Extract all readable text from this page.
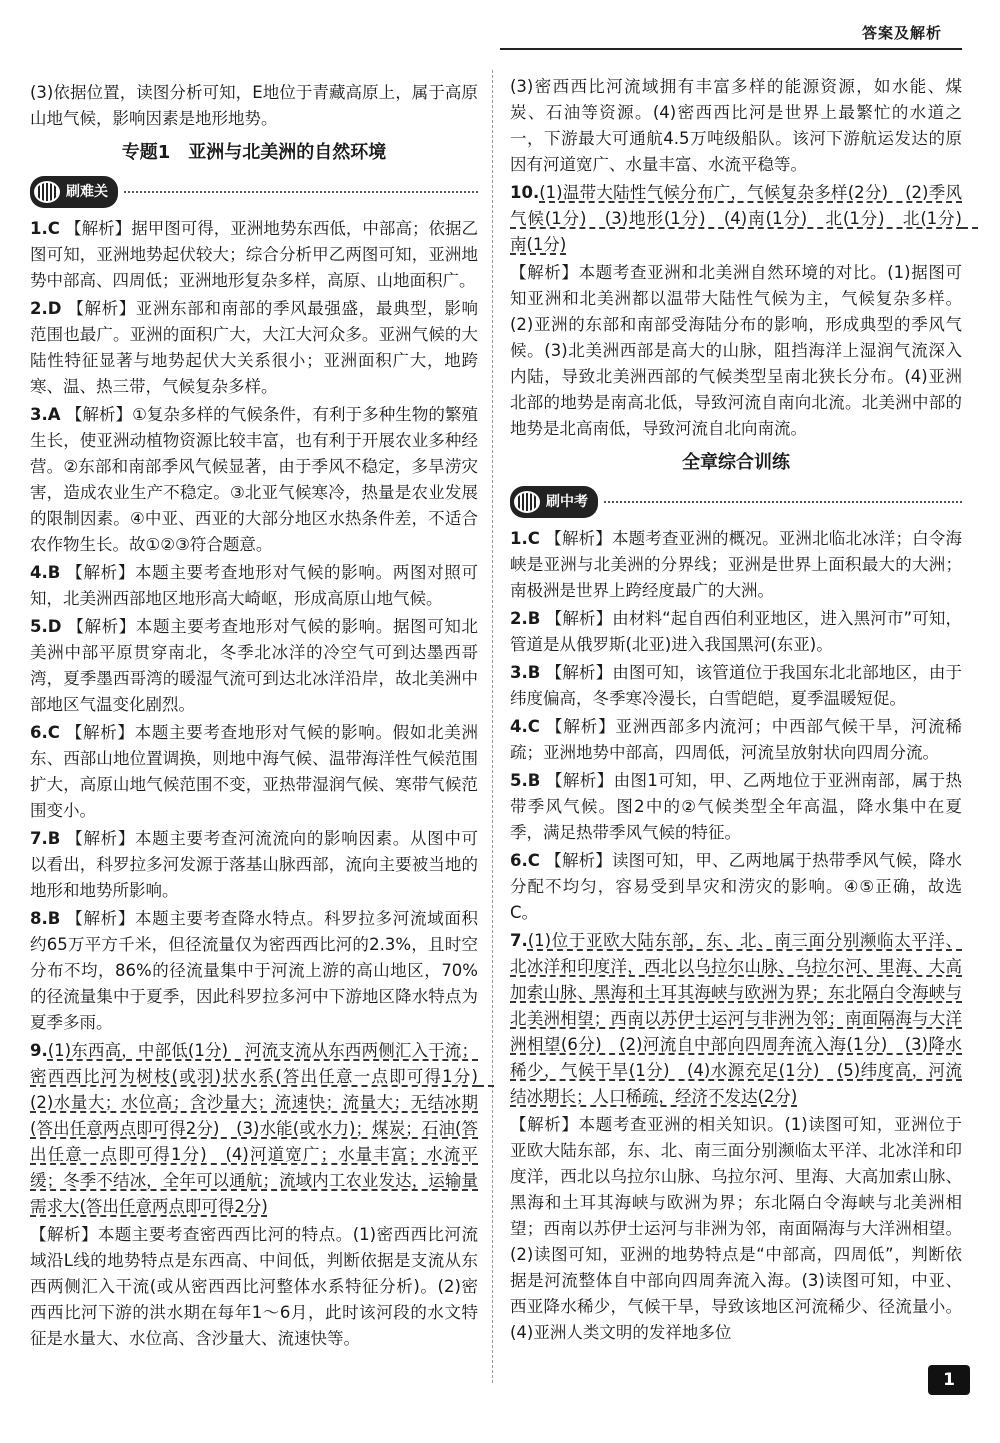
答案及解析
(3)依据位置，读图分析可知，E地位于青藏高原上，属于高原山地气候，影响因素是地形地势。
专题1　亚洲与北美洲的自然环境
刷难关
1.C 【解析】据甲图可得，亚洲地势东西低，中部高；依据乙图可知，亚洲地势起伏较大；综合分析甲乙两图可知，亚洲地势中部高、四周低；亚洲地形复杂多样，高原、山地面积广。
2.D 【解析】亚洲东部和南部的季风最强盛，最典型，影响范围也最广。亚洲的面积广大，大江大河众多。亚洲气候的大陆性特征显著与地势起伏大关系很小；亚洲面积广大，地跨寒、温、热三带，气候复杂多样。
3.A 【解析】①复杂多样的气候条件，有利于多种生物的繁殖生长，使亚洲动植物资源比较丰富，也有利于开展农业多种经营。②东部和南部季风气候显著，由于季风不稳定，多旱涝灾害，造成农业生产不稳定。③北亚气候寒冷，热量是农业发展的限制因素。④中亚、西亚的大部分地区水热条件差，不适合农作物生长。故①②③符合题意。
4.B 【解析】本题主要考查地形对气候的影响。两图对照可知，北美洲西部地区地形高大崎岖，形成高原山地气候。
5.D 【解析】本题主要考查地形对气候的影响。据图可知北美洲中部平原贯穿南北，冬季北冰洋的冷空气可到达墨西哥湾，夏季墨西哥湾的暖湿气流可到达北冰洋沿岸，故北美洲中部地区气温变化剧烈。
6.C 【解析】本题主要考查地形对气候的影响。假如北美洲东、西部山地位置调换，则地中海气候、温带海洋性气候范围扩大，高原山地气候范围不变，亚热带湿润气候、寒带气候范围变小。
7.B 【解析】本题主要考查河流流向的影响因素。从图中可以看出，科罗拉多河发源于落基山脉西部，流向主要被当地的地形和地势所影响。
8.B 【解析】本题主要考查降水特点。科罗拉多河流域面积约65万平方千米，但径流量仅为密西西比河的2.3%，且时空分布不均，86%的径流量集中于河流上游的高山地区，70%的径流量集中于夏季，因此科罗拉多河中下游地区降水特点为夏季多雨。
9.(1)东西高，中部低(1分)　河流支流从东西两侧汇入干流；密西西比河为树枝(或羽)状水系(答出任意一点即可得1分)　(2)水量大；水位高；含沙量大；流速快；流量大；无结冰期(答出任意两点即可得2分)　(3)水能(或水力)；煤炭；石油(答出任意一点即可得1分)　(4)河道宽广；水量丰富；水流平缓；冬季不结冰，全年可以通航；流域内工农业发达，运输量需求大(答出任意两点即可得2分)
【解析】本题主要考查密西西比河的特点。(1)密西西比河流域沿L线的地势特点是东西高、中间低，判断依据是支流从东西两侧汇入干流(或从密西西比河整体水系特征分析)。(2)密西西比河下游的洪水期在每年1～6月，此时该河段的水文特征是水量大、水位高、含沙量大、流速快等。
(3)密西西比河流域拥有丰富多样的能源资源，如水能、煤炭、石油等资源。(4)密西西比河是世界上最繁忙的水道之一，下游最大可通航4.5万吨级船队。该河下游航运发达的原因有河道宽广、水量丰富、水流平稳等。
10.(1)温带大陆性气候分布广，气候复杂多样(2分)　(2)季风气候(1分)　(3)地形(1分)　(4)南(1分)　北(1分)　北(1分)　南(1分)
【解析】本题考查亚洲和北美洲自然环境的对比。(1)据图可知亚洲和北美洲都以温带大陆性气候为主，气候复杂多样。(2)亚洲的东部和南部受海陆分布的影响，形成典型的季风气候。(3)北美洲西部是高大的山脉，阻挡海洋上湿润气流深入内陆，导致北美洲西部的气候类型呈南北狭长分布。(4)亚洲北部的地势是南高北低，导致河流自南向北流。北美洲中部的地势是北高南低，导致河流自北向南流。
全章综合训练
刷中考
1.C 【解析】本题考查亚洲的概况。亚洲北临北冰洋；白令海峡是亚洲与北美洲的分界线；亚洲是世界上面积最大的大洲；南极洲是世界上跨经度最广的大洲。
2.B 【解析】由材料“起自西伯利亚地区，进入黑河市”可知，管道是从俄罗斯(北亚)进入我国黑河(东亚)。
3.B 【解析】由图可知，该管道位于我国东北北部地区，由于纬度偏高，冬季寒冷漫长，白雪皑皑，夏季温暖短促。
4.C 【解析】亚洲西部多内流河；中西部气候干旱，河流稀疏；亚洲地势中部高，四周低，河流呈放射状向四周分流。
5.B 【解析】由图1可知，甲、乙两地位于亚洲南部，属于热带季风气候。图2中的②气候类型全年高温，降水集中在夏季，满足热带季风气候的特征。
6.C 【解析】读图可知，甲、乙两地属于热带季风气候，降水分配不均匀，容易受到旱灾和涝灾的影响。④⑤正确，故选C。
7.(1)位于亚欧大陆东部，东、北、南三面分别濒临太平洋、北冰洋和印度洋，西北以乌拉尔山脉、乌拉尔河、里海、大高加索山脉、黑海和土耳其海峡与欧洲为界；东北隔白令海峡与北美洲相望；西南以苏伊士运河与非洲为邻；南面隔海与大洋洲相望(6分)　(2)河流自中部向四周奔流入海(1分)　(3)降水稀少，气候干旱(1分)　(4)水源充足(1分)　(5)纬度高，河流结冰期长；人口稀疏，经济不发达(2分)
【解析】本题考查亚洲的相关知识。(1)读图可知，亚洲位于亚欧大陆东部，东、北、南三面分别濒临太平洋、北冰洋和印度洋，西北以乌拉尔山脉、乌拉尔河、里海、大高加索山脉、黑海和土耳其海峡与欧洲为界；东北隔白令海峡与北美洲相望；西南以苏伊士运河与非洲为邻，南面隔海与大洋洲相望。(2)读图可知，亚洲的地势特点是“中部高，四周低”，判断依据是河流整体自中部向四周奔流入海。(3)读图可知，中亚、西亚降水稀少，气候干旱，导致该地区河流稀少、径流量小。(4)亚洲人类文明的发祥地多位
1
